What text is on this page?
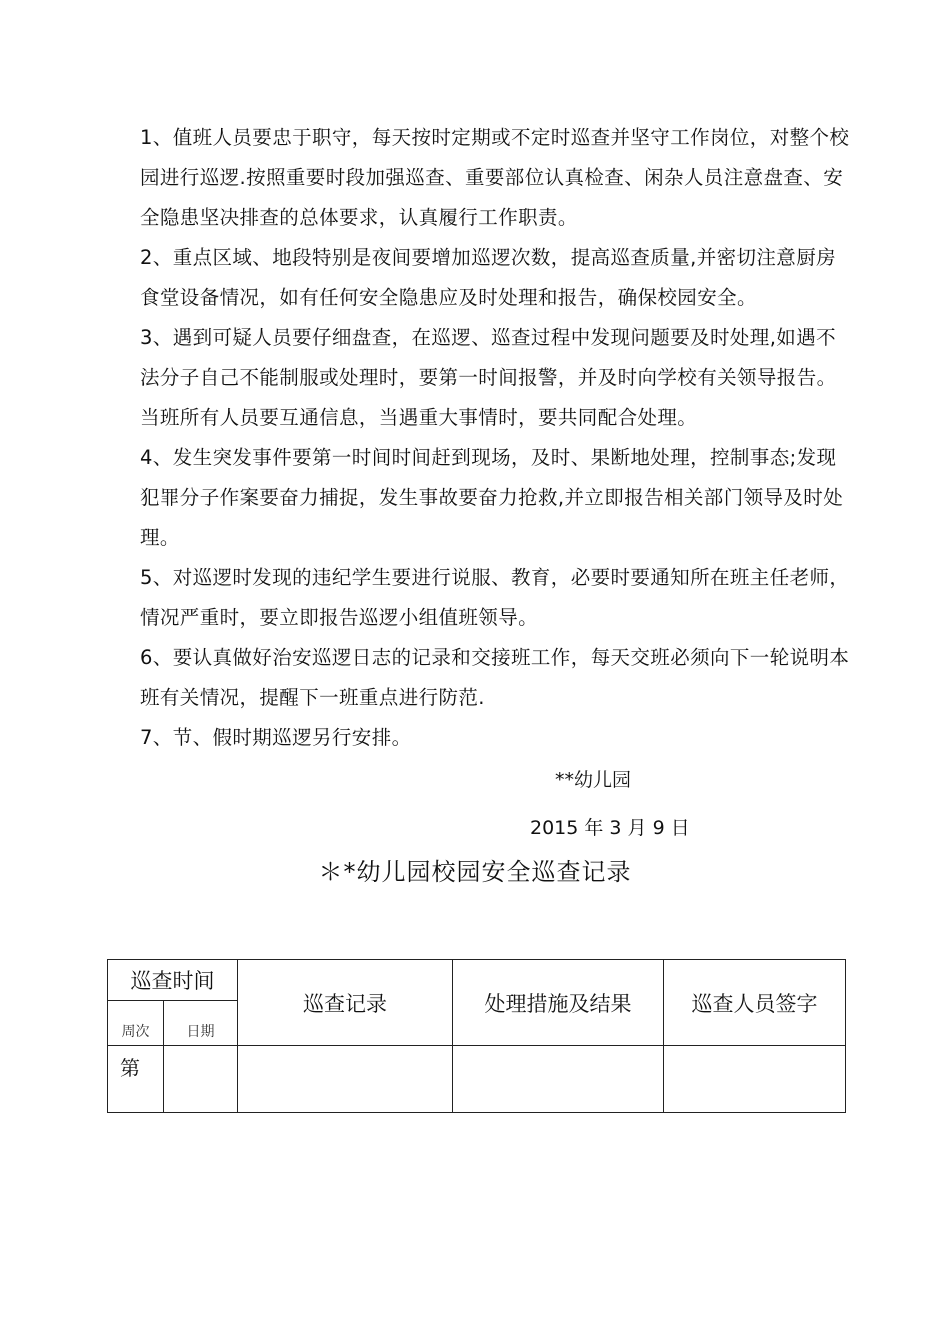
1、值班人员要忠于职守，每天按时定期或不定时巡查并坚守工作岗位，对整个校园进行巡逻.按照重要时段加强巡查、重要部位认真检查、闲杂人员注意盘查、安全隐患坚决排查的总体要求，认真履行工作职责。

2、重点区域、地段特别是夜间要增加巡逻次数，提高巡查质量,并密切注意厨房食堂设备情况，如有任何安全隐患应及时处理和报告，确保校园安全。

3、遇到可疑人员要仔细盘查，在巡逻、巡查过程中发现问题要及时处理,如遇不法分子自己不能制服或处理时，要第一时间报警，并及时向学校有关领导报告。当班所有人员要互通信息，当遇重大事情时，要共同配合处理。

4、发生突发事件要第一时间时间赶到现场，及时、果断地处理，控制事态;发现犯罪分子作案要奋力捕捉，发生事故要奋力抢救,并立即报告相关部门领导及时处理。

5、对巡逻时发现的违纪学生要进行说服、教育，必要时要通知所在班主任老师，情况严重时，要立即报告巡逻小组值班领导。

6、要认真做好治安巡逻日志的记录和交接班工作，每天交班必须向下一轮说明本班有关情况，提醒下一班重点进行防范.

7、节、假时期巡逻另行安排。

**幼儿园

2015 年 3 月 9 日

＊*幼儿园校园安全巡查记录

巡查时间		巡查记录	处理措施及结果	巡查人员签字
周次	日期			
第				
